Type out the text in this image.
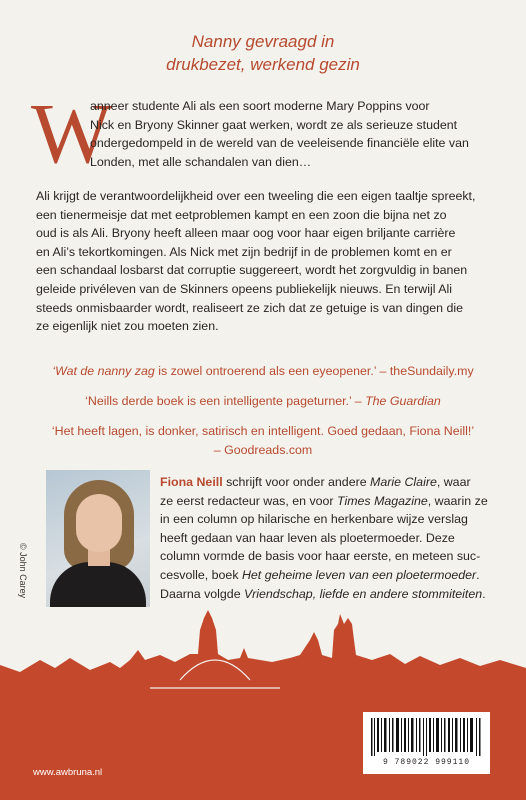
Nanny gevraagd in
drukbezet, werkend gezin
W
anneer studente Ali als een soort moderne Mary Poppins voor
Nick en Bryony Skinner gaat werken, wordt ze als serieuze student
ondergedompeld in de wereld van de veeleisende financiële elite van
Londen, met alle schandalen van dien…
Ali krijgt de verantwoordelijkheid over een tweeling die een eigen taaltje spreekt,
een tienermeisje dat met eetproblemen kampt en een zoon die bijna net zo
oud is als Ali. Bryony heeft alleen maar oog voor haar eigen briljante carrière
en Ali’s tekortkomingen. Als Nick met zijn bedrijf in de problemen komt en er
een schandaal losbarst dat corruptie suggereert, wordt het zorgvuldig in banen
geleide privéleven van de Skinners opeens publiekelijk nieuws. En terwijl Ali
steeds onmisbaarder wordt, realiseert ze zich dat ze getuige is van dingen die
ze eigenlijk niet zou moeten zien.
‘Wat de nanny zag is zowel ontroerend als een eyeopener.’ – theSundaily.my
‘Neills derde boek is een intelligente pageturner.’ – The Guardian
‘Het heeft lagen, is donker, satirisch en intelligent. Goed gedaan, Fiona Neill!’
– Goodreads.com
© John Carey
Fiona Neill schrijft voor onder andere Marie Claire, waar
ze eerst redacteur was, en voor Times Magazine, waarin ze
in een column op hilarische en herkenbare wijze verslag
heeft gedaan van haar leven als ploetermoeder. Deze
column vormde de basis voor haar eerste, en meteen suc-
cesvolle, boek Het geheime leven van een ploetermoeder.
Daarna volgde Vriendschap, liefde en andere stommiteiten.
9 789022 999110
www.awbruna.nl
